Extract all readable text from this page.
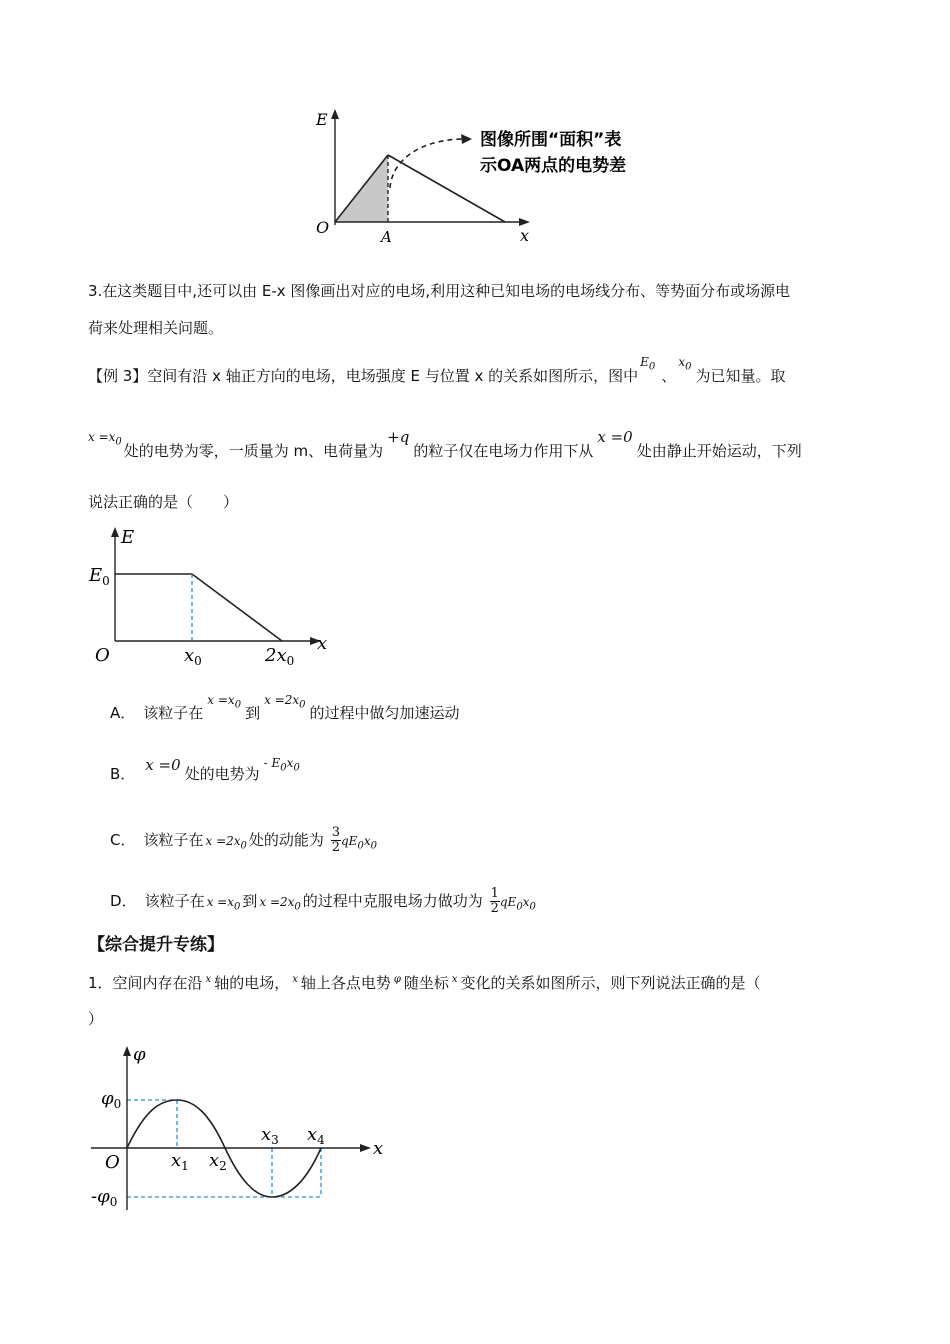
E
O	A	x
图像所围“面积”表
示OA两点的电势差
3.在这类题目中,还可以由 E-x 图像画出对应的电场,利用这种已知电场的电场线分布、等势面分布或场源电
荷来处理相关问题。
【例 3】空间有沿 x 轴正方向的电场，电场强度 E 与位置 x 的关系如图所示，图中$^{E_0}$、$^{x_0}$为已知量。取
$^{x =x_0}$处的电势为零，一质量为 m、电荷量为+q的粒子仅在电场力作用下从x =0处由静止开始运动，下列
说法正确的是（　　）
E
$E_0$
O	$x_0$	$2x_0$
x
A． 该粒子在$^{x =x_0}$ 到$^{x =2x_0}$ 的过程中做匀加速运动
B． x =0 处的电势为$^{- E_0x_0}$
C． 该粒子在 $x =2x_0$ 处的动能为 $\frac{3}{2} qE_0x_0$
D． 该粒子在 $x =x_0$ 到 $x =2x_0$ 的过程中克服电场力做功为 $\frac{1}{2} qE_0x_0$
【综合提升专练】
1．空间内存在沿 $^x$ 轴的电场， $^x$ 轴上各点电势 $^\varphi$ 随坐标 $^x$ 变化的关系如图所示，则下列说法正确的是（
）
φ
$\varphi_0$
$-\varphi_0$
O	$x_1$ $x_2$
$x_3$ $x_4$	x
